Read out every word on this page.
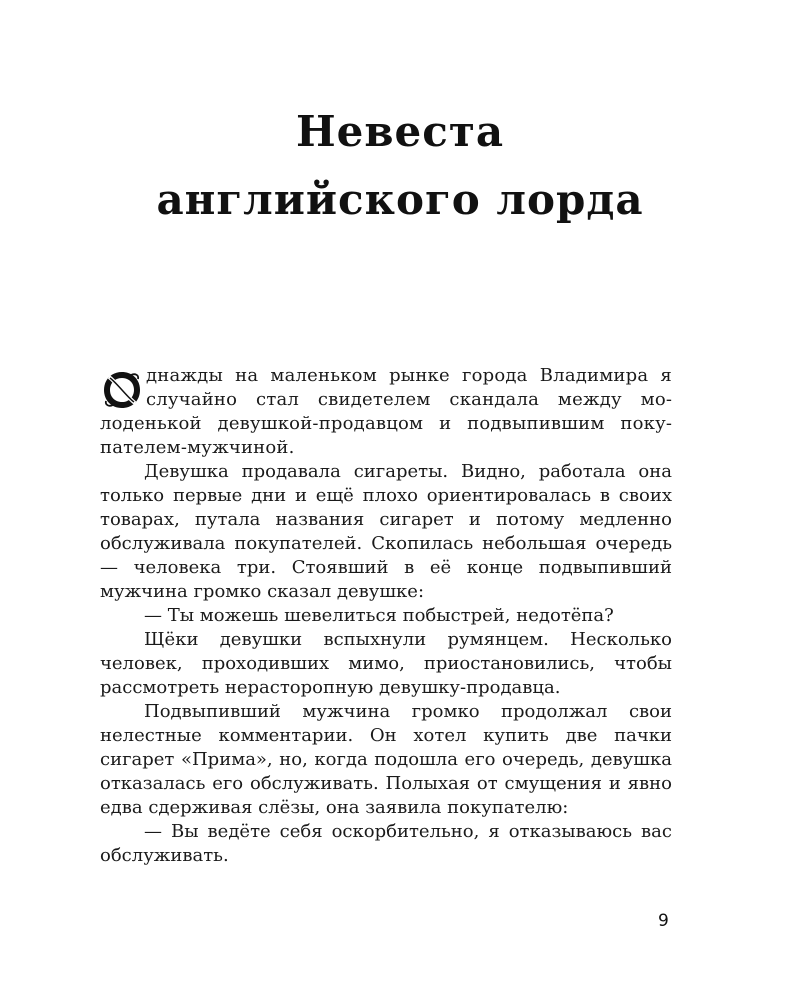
Невеста
английского лорда

днажды на маленьком рынке города Владимира я случайно стал свидетелем скандала между молоденькой девушкой-продавцом и подвыпившим покупателем-мужчиной.

Девушка продавала сигареты. Видно, работала она только первые дни и ещё плохо ориентировалась в своих товарах, путала названия сигарет и потому медленно обслуживала покупателей. Скопилась небольшая очередь — человека три. Стоявший в её конце подвыпивший мужчина громко сказал девушке:

— Ты можешь шевелиться побыстрей, недотёпа?

Щёки девушки вспыхнули румянцем. Несколько человек, проходивших мимо, приостановились, чтобы рассмотреть нерасторопную девушку-продавца.

Подвыпивший мужчина громко продолжал свои нелестные комментарии. Он хотел купить две пачки сигарет «Прима», но, когда подошла его очередь, девушка отказалась его обслуживать. Полыхая от смущения и явно едва сдерживая слёзы, она заявила покупателю:

— Вы ведёте себя оскорбительно, я отказываюсь вас обслуживать.

9
